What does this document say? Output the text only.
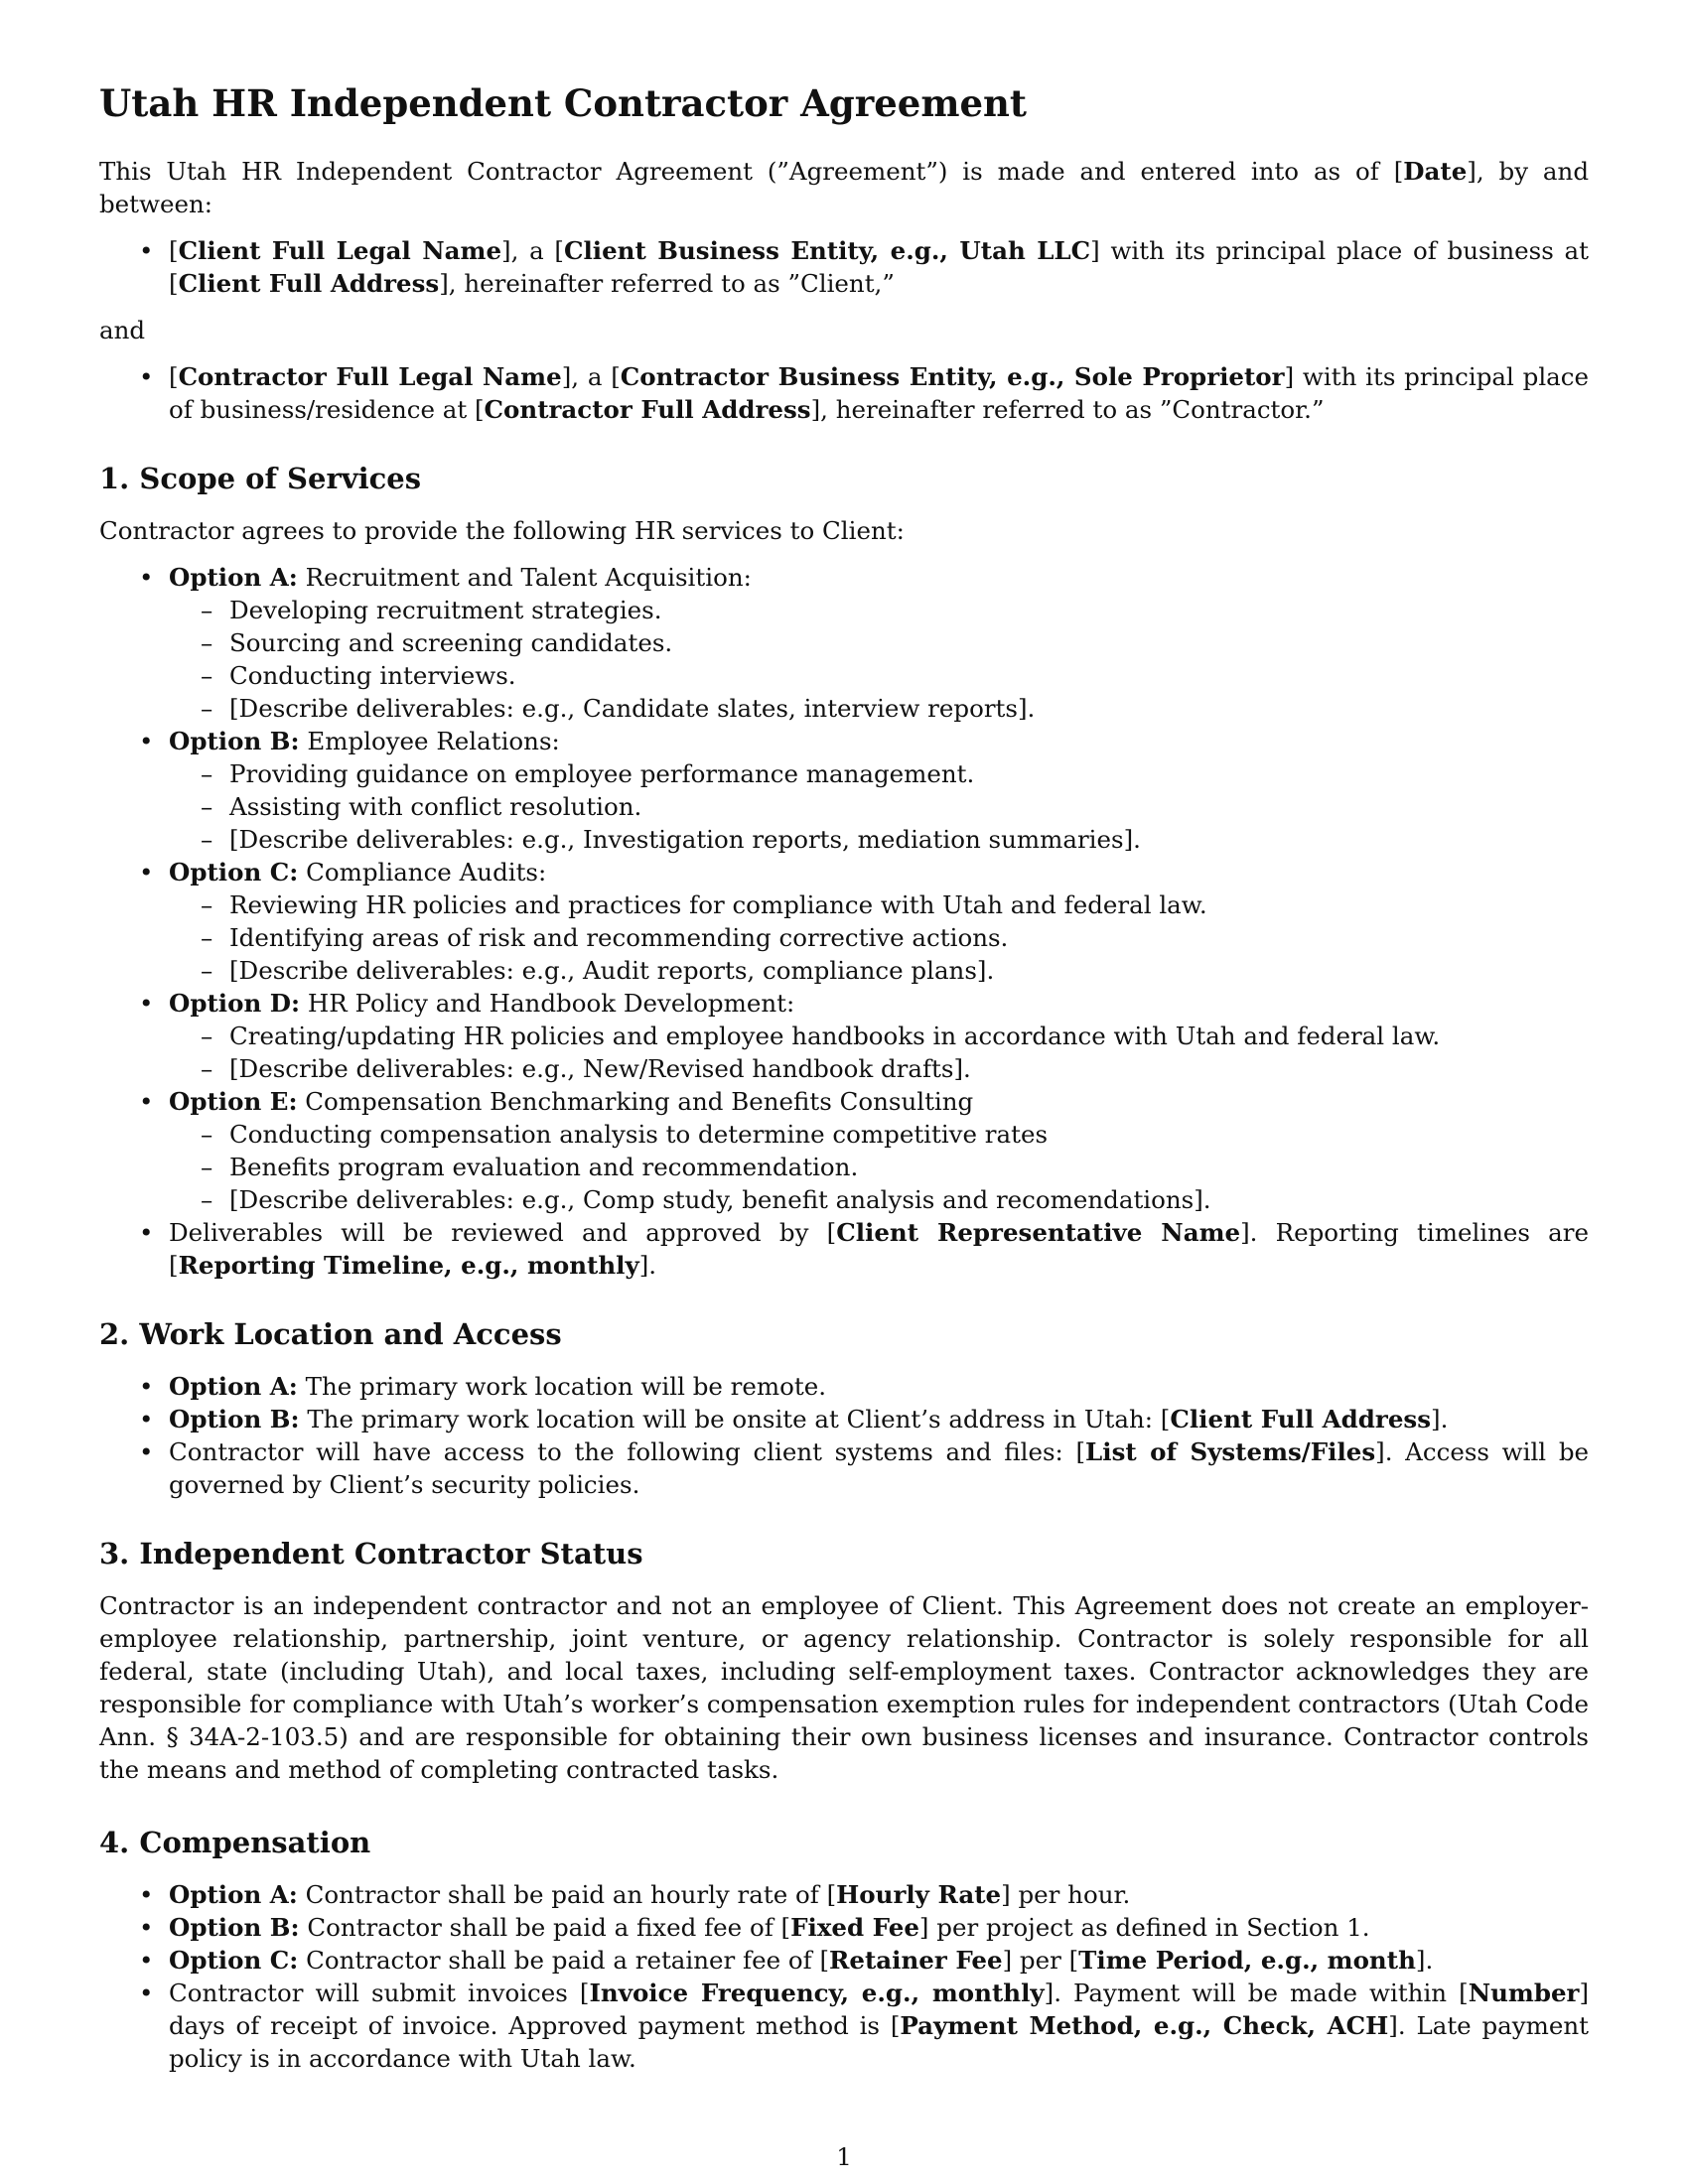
Utah HR Independent Contractor Agreement

This Utah HR Independent Contractor Agreement (”Agreement”) is made and entered into as of [Date], by and between:

• [Client Full Legal Name], a [Client Business Entity, e.g., Utah LLC] with its principal place of business at [Client Full Address], hereinafter referred to as ”Client,”

and

• [Contractor Full Legal Name], a [Contractor Business Entity, e.g., Sole Proprietor] with its principal place of business/residence at [Contractor Full Address], hereinafter referred to as ”Contractor.”
1. Scope of Services

Contractor agrees to provide the following HR services to Client:

• Option A: Recruitment and Talent Acquisition:
– Developing recruitment strategies.
– Sourcing and screening candidates.
– Conducting interviews.
– [Describe deliverables: e.g., Candidate slates, interview reports].
• Option B: Employee Relations:
– Providing guidance on employee performance management.
– Assisting with conflict resolution.
– [Describe deliverables: e.g., Investigation reports, mediation summaries].
• Option C: Compliance Audits:
– Reviewing HR policies and practices for compliance with Utah and federal law.
– Identifying areas of risk and recommending corrective actions.
– [Describe deliverables: e.g., Audit reports, compliance plans].
• Option D: HR Policy and Handbook Development:
– Creating/updating HR policies and employee handbooks in accordance with Utah and federal law.
– [Describe deliverables: e.g., New/Revised handbook drafts].
• Option E: Compensation Benchmarking and Benefits Consulting
– Conducting compensation analysis to determine competitive rates
– Benefits program evaluation and recommendation.
– [Describe deliverables: e.g., Comp study, benefit analysis and recomendations].
• Deliverables will be reviewed and approved by [Client Representative Name]. Reporting timelines are [Reporting Timeline, e.g., monthly].
2. Work Location and Access
• Option A: The primary work location will be remote.
• Option B: The primary work location will be onsite at Client’s address in Utah: [Client Full Address].
• Contractor will have access to the following client systems and files: [List of Systems/Files]. Access will be governed by Client’s security policies.
3. Independent Contractor Status

Contractor is an independent contractor and not an employee of Client. This Agreement does not create an employer-employee relationship, partnership, joint venture, or agency relationship. Contractor is solely responsible for all federal, state (including Utah), and local taxes, including self-employment taxes. Contractor acknowledges they are responsible for compliance with Utah’s worker’s compensation exemption rules for independent contractors (Utah Code Ann. § 34A-2-103.5) and are responsible for obtaining their own business licenses and insurance. Contractor controls the means and method of completing contracted tasks.

4. Compensation
• Option A: Contractor shall be paid an hourly rate of [Hourly Rate] per hour.
• Option B: Contractor shall be paid a fixed fee of [Fixed Fee] per project as defined in Section 1.
• Option C: Contractor shall be paid a retainer fee of [Retainer Fee] per [Time Period, e.g., month].
• Contractor will submit invoices [Invoice Frequency, e.g., monthly]. Payment will be made within [Number] days of receipt of invoice. Approved payment method is [Payment Method, e.g., Check, ACH]. Late payment policy is in accordance with Utah law.
1
